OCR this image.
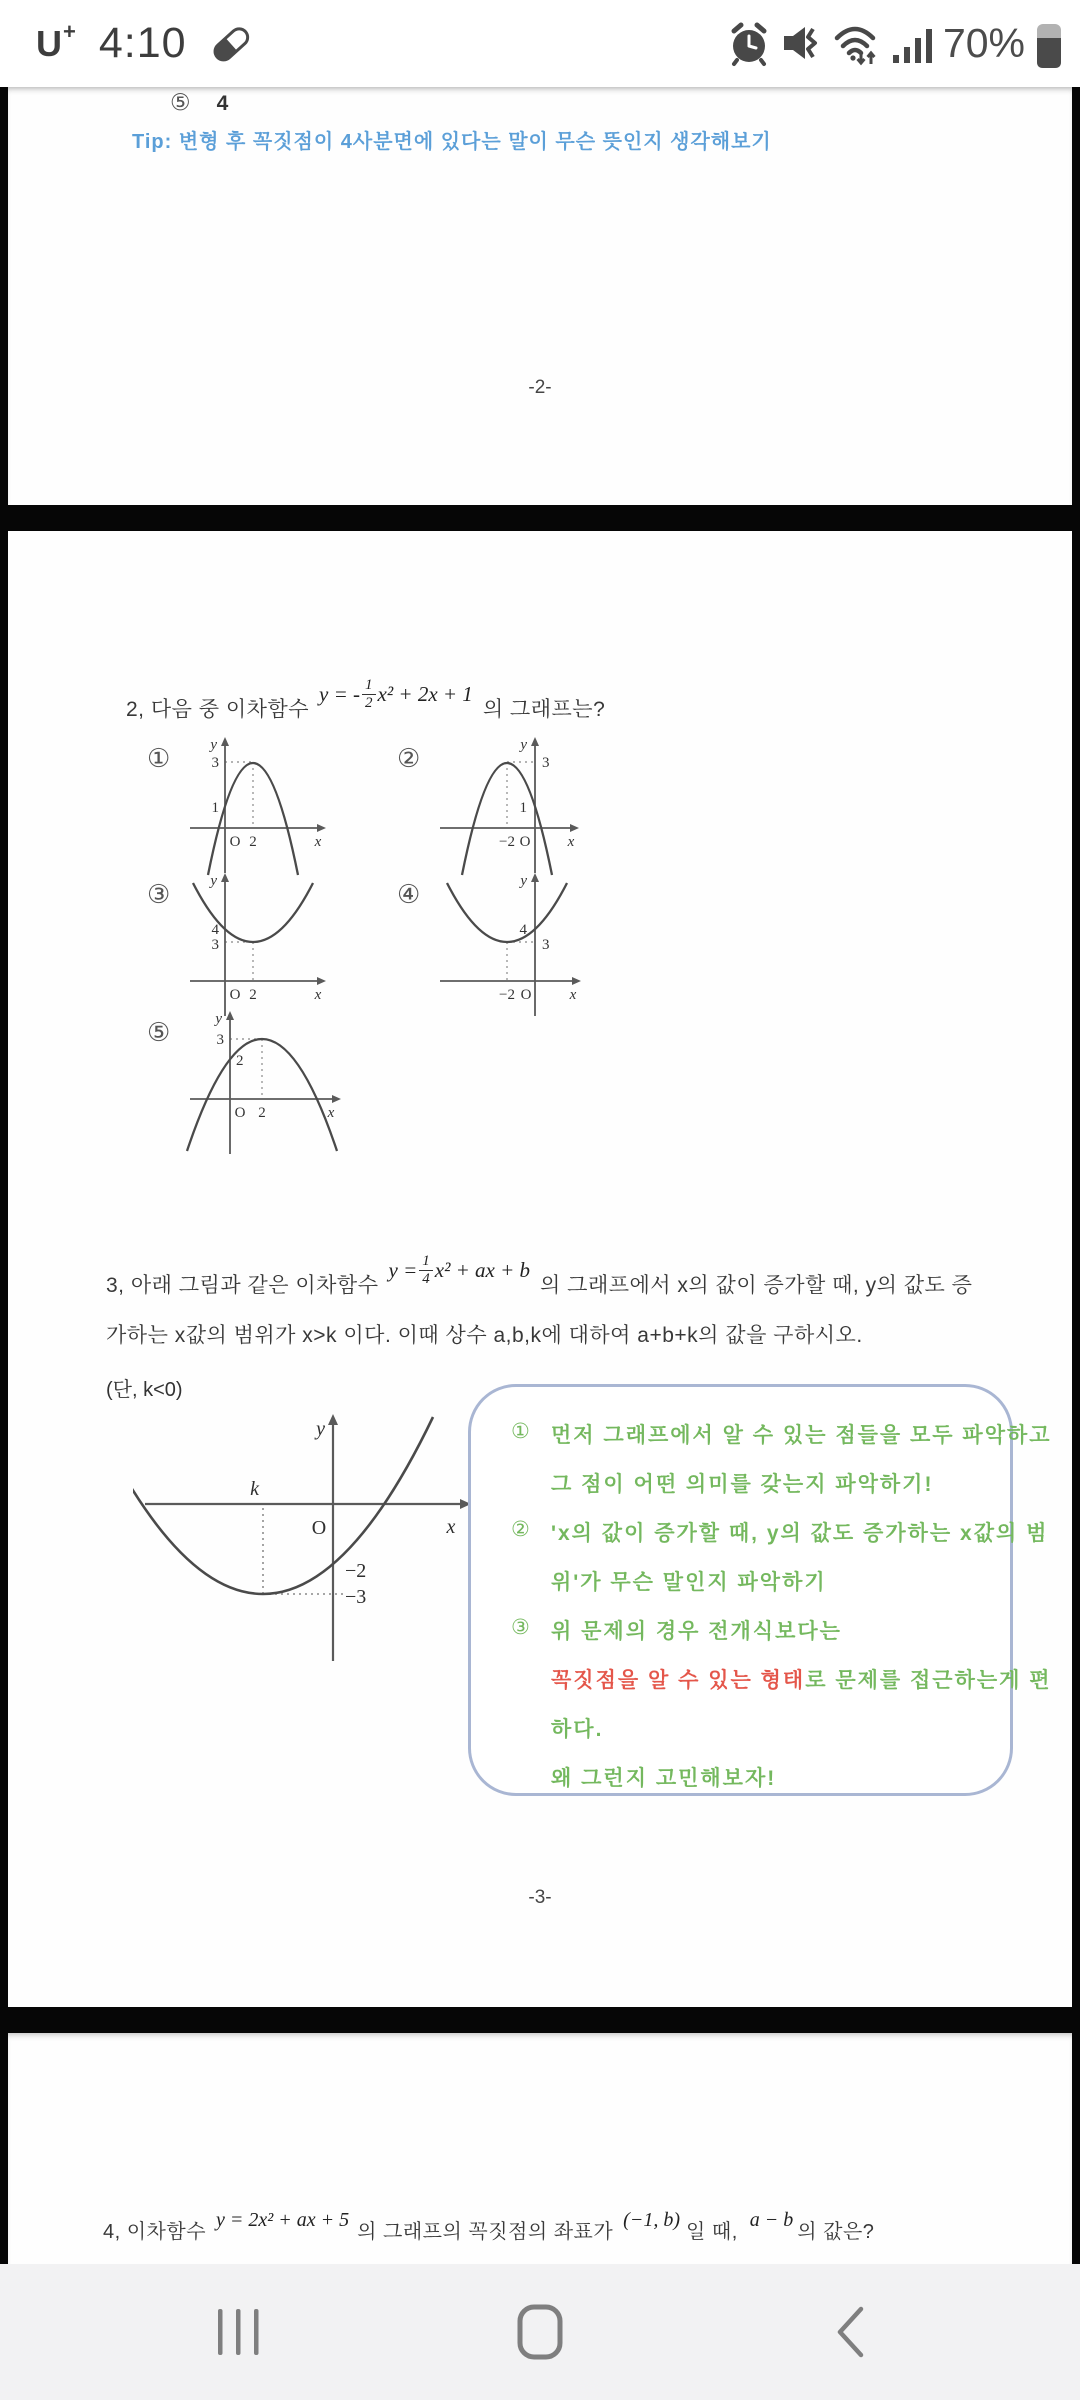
U+ 4:10	70%
⑤ 4
Tip: 변형 후 꼭짓점이 4사분면에 있다는 말이 무슨 뜻인지 생각해보기
-2-
2, 다음 중 이차함수
y = - $\frac{1}{2} x^2 + 2x + 1$
의 그래프는?
①	y
3
1
O 2	x
②	y
3
1
−2 O x
③	y
4
3
O 2	x
④	y
4
3
−2 O	x
⑤	y
3
2
O 2	x
3, 아래 그림과 같은 이차함수
$y = \frac{1}{4} x^2$ + ax + b
의 그래프에서 x의 값이 증가할 때, y의 값도 증
가하는 x값의 범위가 x>k 이다. 이때 상수 a,b,k에 대하여 a+b+k의 값을 구하시오.
(단, k<0)
y
x
k
O
−2
−3
①	먼저 그래프에서 알 수 있는 점들을 모두 파악하고
그 점이 어떤 의미를 갖는지 파악하기!
②	'x의 값이 증가할 때, y의 값도 증가하는 x값의 범
위'가 무슨 말인지 파악하기
③	위 문제의 경우 전개식보다는
꼭짓점을 알 수 있는 형태로 문제를 접근하는게 편
하다.
왜 그런지 고민해보자!
-3-
4, 이차함수
y = 2x² + ax + 5
의 그래프의 꼭짓점의 좌표가
(−1, b)
일 때,
a − b
의 값은?
